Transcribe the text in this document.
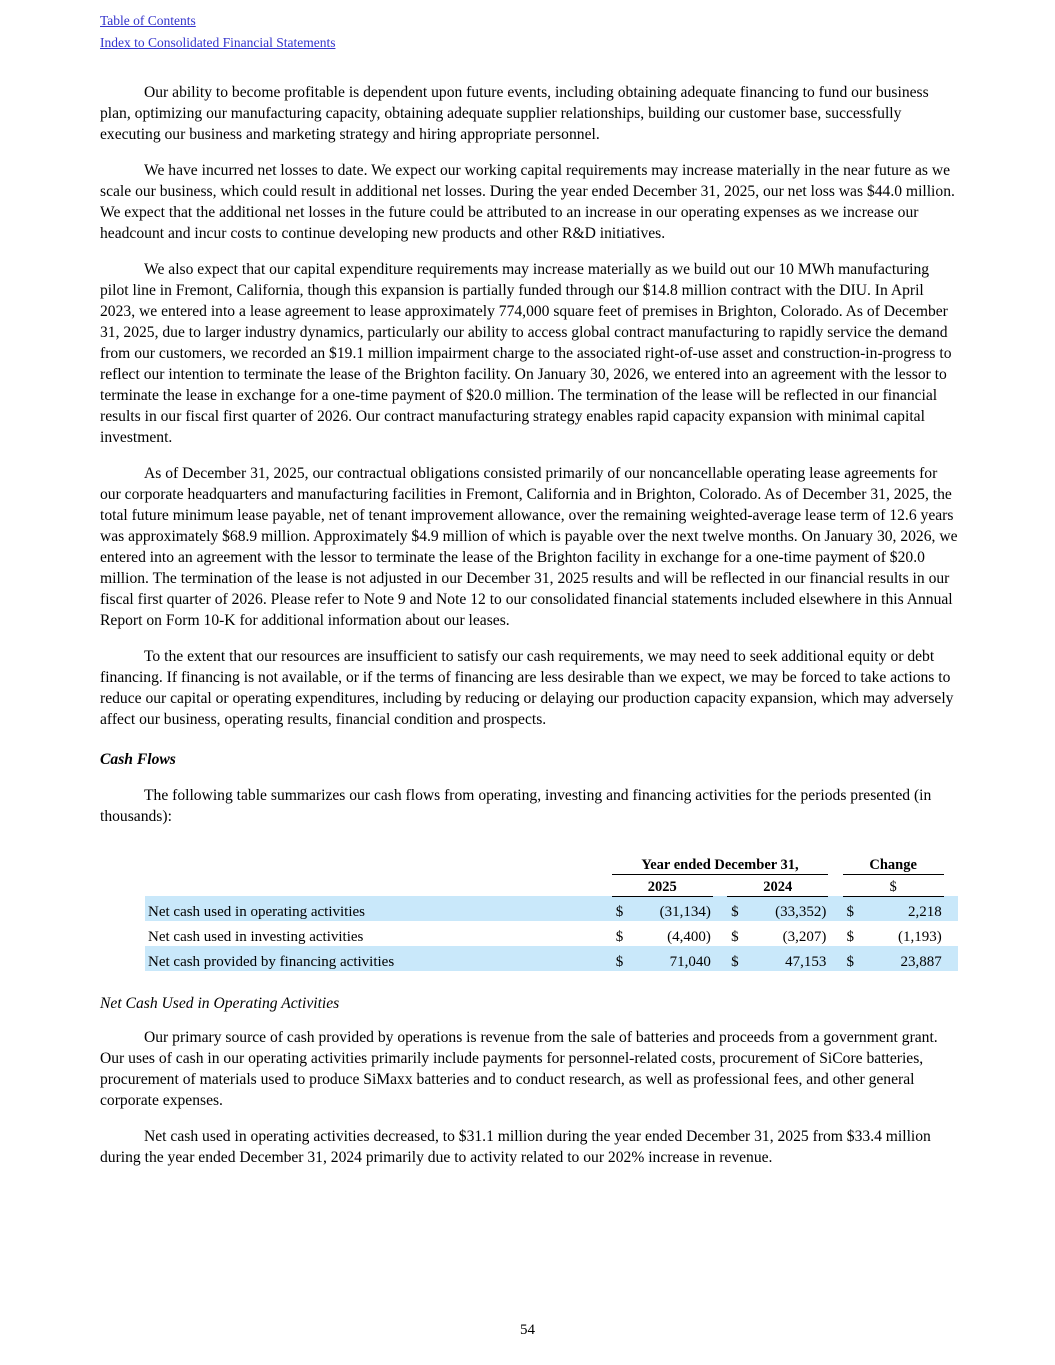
Table of Contents
Index to Consolidated Financial Statements

Our ability to become profitable is dependent upon future events, including obtaining adequate financing to fund our business plan, optimizing our manufacturing capacity, obtaining adequate supplier relationships, building our customer base, successfully executing our business and marketing strategy and hiring appropriate personnel.

We have incurred net losses to date. We expect our working capital requirements may increase materially in the near future as we scale our business, which could result in additional net losses. During the year ended December 31, 2025, our net loss was $44.0 million. We expect that the additional net losses in the future could be attributed to an increase in our operating expenses as we increase our headcount and incur costs to continue developing new products and other R&D initiatives.

We also expect that our capital expenditure requirements may increase materially as we build out our 10 MWh manufacturing pilot line in Fremont, California, though this expansion is partially funded through our $14.8 million contract with the DIU. In April 2023, we entered into a lease agreement to lease approximately 774,000 square feet of premises in Brighton, Colorado. As of December 31, 2025, due to larger industry dynamics, particularly our ability to access global contract manufacturing to rapidly service the demand from our customers, we recorded an $19.1 million impairment charge to the associated right-of-use asset and construction-in-progress to reflect our intention to terminate the lease of the Brighton facility. On January 30, 2026, we entered into an agreement with the lessor to terminate the lease in exchange for a one-time payment of $20.0 million. The termination of the lease will be reflected in our financial results in our fiscal first quarter of 2026. Our contract manufacturing strategy enables rapid capacity expansion with minimal capital investment.

As of December 31, 2025, our contractual obligations consisted primarily of our noncancellable operating lease agreements for our corporate headquarters and manufacturing facilities in Fremont, California and in Brighton, Colorado. As of December 31, 2025, the total future minimum lease payable, net of tenant improvement allowance, over the remaining weighted-average lease term of 12.6 years was approximately $68.9 million. Approximately $4.9 million of which is payable over the next twelve months. On January 30, 2026, we entered into an agreement with the lessor to terminate the lease of the Brighton facility in exchange for a one-time payment of $20.0 million. The termination of the lease is not adjusted in our December 31, 2025 results and will be reflected in our financial results in our fiscal first quarter of 2026. Please refer to Note 9 and Note 12 to our consolidated financial statements included elsewhere in this Annual Report on Form 10-K for additional information about our leases.

To the extent that our resources are insufficient to satisfy our cash requirements, we may need to seek additional equity or debt financing. If financing is not available, or if the terms of financing are less desirable than we expect, we may be forced to take actions to reduce our capital or operating expenditures, including by reducing or delaying our production capacity expansion, which may adversely affect our business, operating results, financial condition and prospects.

Cash Flows

The following table summarizes our cash flows from operating, investing and financing activities for the periods presented (in thousands):

	Year ended December 31,						Change		
	2025			2024			$		
Net cash used in operating activities	$	(31,134)		$	(33,352)		$	2,218	
Net cash used in investing activities	$	(4,400)		$	(3,207)		$	(1,193)	
Net cash provided by financing activities	$	71,040		$	47,153		$	23,887	
Net Cash Used in Operating Activities

Our primary source of cash provided by operations is revenue from the sale of batteries and proceeds from a government grant. Our uses of cash in our operating activities primarily include payments for personnel-related costs, procurement of SiCore batteries, procurement of materials used to produce SiMaxx batteries and to conduct research, as well as professional fees, and other general corporate expenses.

Net cash used in operating activities decreased, to $31.1 million during the year ended December 31, 2025 from $33.4 million during the year ended December 31, 2024 primarily due to activity related to our 202% increase in revenue.

54
